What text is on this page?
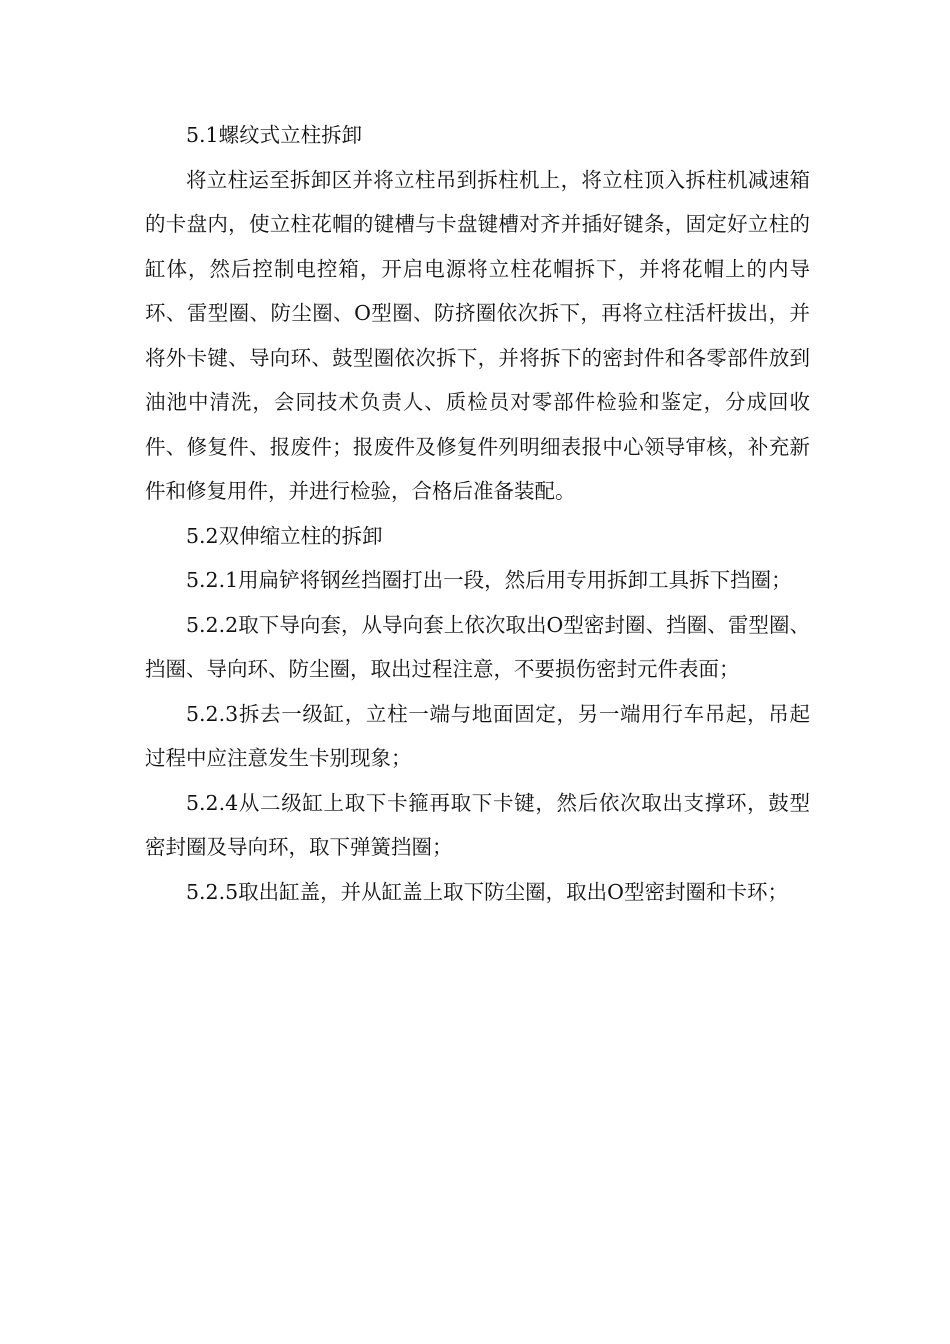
5.1螺纹式立柱拆卸

将立柱运至拆卸区并将立柱吊到拆柱机上，将立柱顶入拆柱机减速箱的卡盘内，使立柱花帽的键槽与卡盘键槽对齐并插好键条，固定好立柱的缸体，然后控制电控箱，开启电源将立柱花帽拆下，并将花帽上的内导环、雷型圈、防尘圈、O型圈、防挤圈依次拆下，再将立柱活杆拔出，并将外卡键、导向环、鼓型圈依次拆下，并将拆下的密封件和各零部件放到油池中清洗，会同技术负责人、质检员对零部件检验和鉴定，分成回收件、修复件、报废件；报废件及修复件列明细表报中心领导审核，补充新件和修复用件，并进行检验，合格后准备装配。

5.2双伸缩立柱的拆卸

5.2.1用扁铲将钢丝挡圈打出一段，然后用专用拆卸工具拆下挡圈；

5.2.2取下导向套，从导向套上依次取出O型密封圈、挡圈、雷型圈、挡圈、导向环、防尘圈，取出过程注意，不要损伤密封元件表面；

5.2.3拆去一级缸，立柱一端与地面固定，另一端用行车吊起，吊起过程中应注意发生卡别现象；

5.2.4从二级缸上取下卡箍再取下卡键，然后依次取出支撑环，鼓型密封圈及导向环，取下弹簧挡圈；

5.2.5取出缸盖，并从缸盖上取下防尘圈，取出O型密封圈和卡环；
